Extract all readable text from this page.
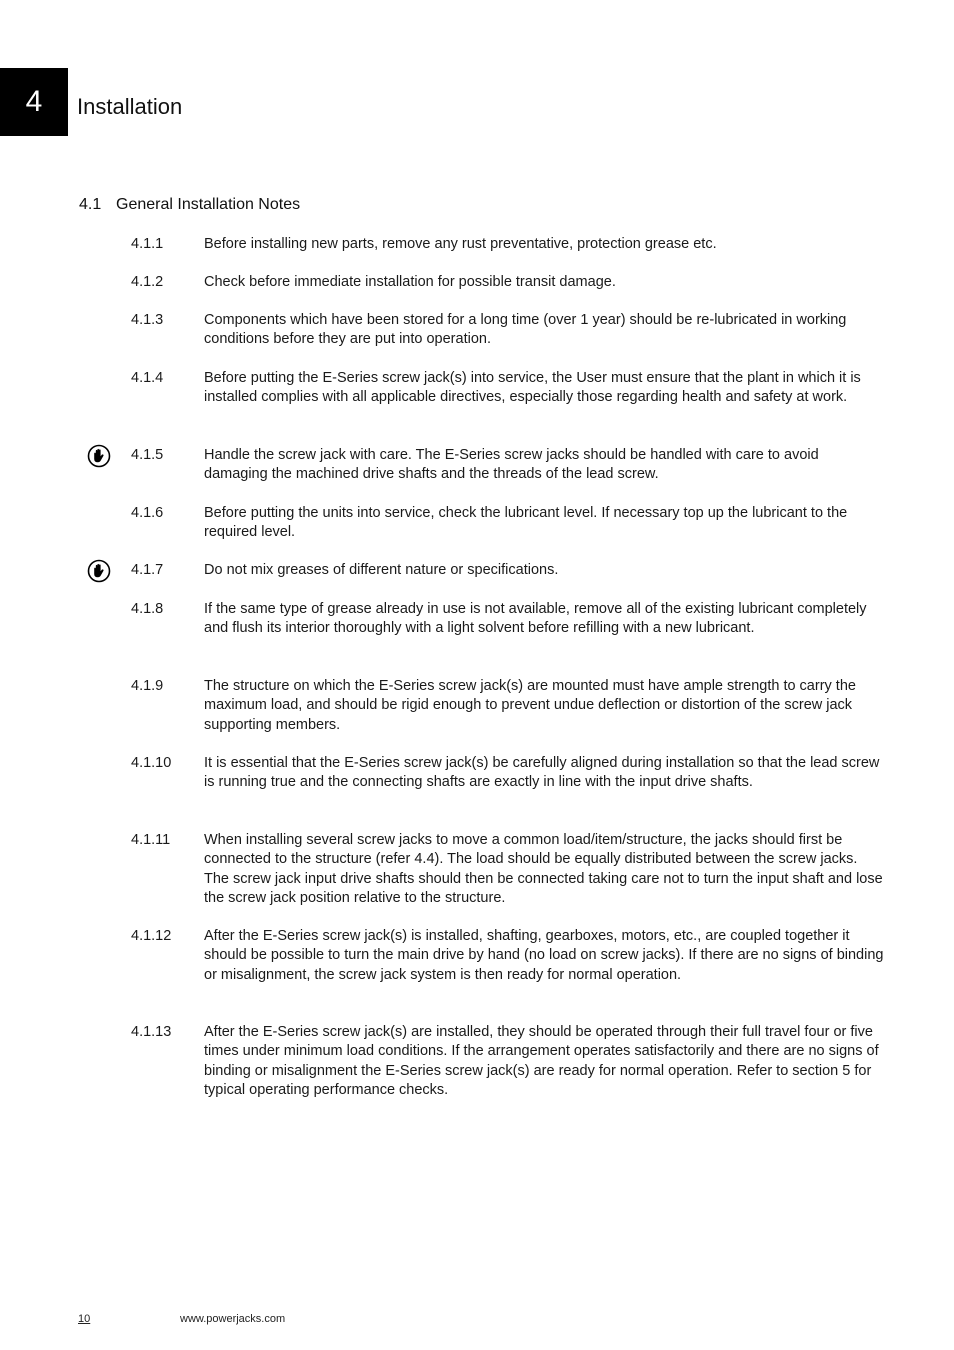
4 Installation
4.1 General Installation Notes
4.1.1	Before installing new parts, remove any rust preventative, protection grease etc.
4.1.2	Check before immediate installation for possible transit damage.
4.1.3	Components which have been stored for a long time (over 1 year) should be re-lubricated in working conditions before they are put into operation.
4.1.4	Before putting the E-Series screw jack(s) into service, the User must ensure that the plant in which it is installed complies with all applicable directives, especially those regarding health and safety at work.
4.1.5	Handle the screw jack with care. The E-Series screw jacks should be handled with care to avoid damaging the machined drive shafts and the threads of the lead screw.
4.1.6	Before putting the units into service, check the lubricant level. If necessary top up the lubricant to the required level.
4.1.7	Do not mix greases of different nature or specifications.
4.1.8	If the same type of grease already in use is not available, remove all of the existing lubricant completely and flush its interior thoroughly with a light solvent before refilling with a new lubricant.
4.1.9	The structure on which the E-Series screw jack(s) are mounted must have ample strength to carry the maximum load, and should be rigid enough to prevent undue deflection or distortion of the screw jack supporting members.
4.1.10 It is essential that the E-Series screw jack(s) be carefully aligned during installation so that the lead screw is running true and the connecting shafts are exactly in line with the input drive shafts.
4.1.11 When installing several screw jacks to move a common load/item/structure, the jacks should first be connected to the structure (refer 4.4). The load should be equally distributed between the screw jacks. The screw jack input drive shafts should then be connected taking care not to turn the input shaft and lose the screw jack position relative to the structure.
4.1.12 After the E-Series screw jack(s) is installed, shafting, gearboxes, motors, etc., are coupled together it should be possible to turn the main drive by hand (no load on screw jacks). If there are no signs of binding or misalignment, the screw jack system is then ready for normal operation.
4.1.13 After the E-Series screw jack(s) are installed, they should be operated through their full travel four or five times under minimum load conditions. If the arrangement operates satisfactorily and there are no signs of binding or misalignment the E-Series screw jack(s) are ready for normal operation. Refer to section 5 for typical operating performance checks.
10	www.powerjacks.com
